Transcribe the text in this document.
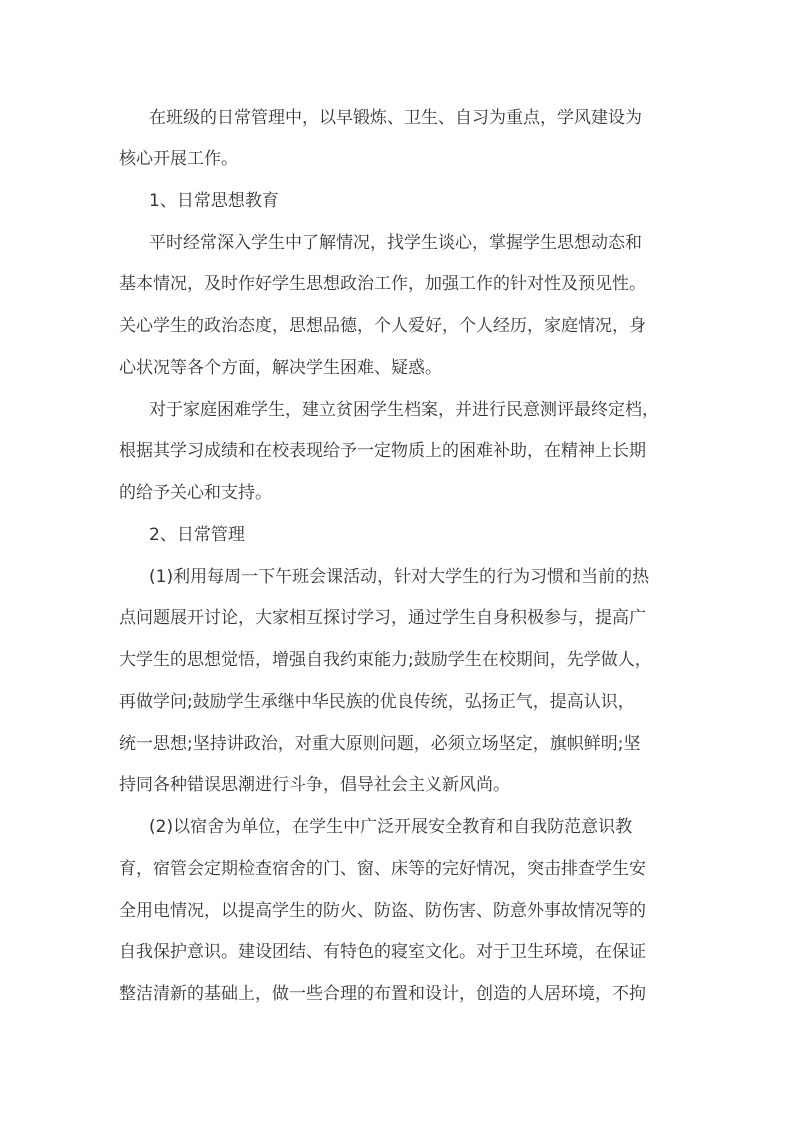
在班级的日常管理中，以早锻炼、卫生、自习为重点，学风建设为
核心开展工作。
1、日常思想教育
平时经常深入学生中了解情况，找学生谈心，掌握学生思想动态和
基本情况，及时作好学生思想政治工作，加强工作的针对性及预见性。
关心学生的政治态度，思想品德，个人爱好，个人经历，家庭情况，身
心状况等各个方面，解决学生困难、疑惑。
对于家庭困难学生，建立贫困学生档案，并进行民意测评最终定档，
根据其学习成绩和在校表现给予一定物质上的困难补助，在精神上长期
的给予关心和支持。
2、日常管理
(1)利用每周一下午班会课活动，针对大学生的行为习惯和当前的热
点问题展开讨论，大家相互探讨学习，通过学生自身积极参与，提高广
大学生的思想觉悟，增强自我约束能力;鼓励学生在校期间，先学做人，
再做学问;鼓励学生承继中华民族的优良传统，弘扬正气，提高认识，
统一思想;坚持讲政治，对重大原则问题，必须立场坚定，旗帜鲜明;坚
持同各种错误思潮进行斗争，倡导社会主义新风尚。
(2)以宿舍为单位，在学生中广泛开展安全教育和自我防范意识教
育，宿管会定期检查宿舍的门、窗、床等的完好情况，突击排查学生安
全用电情况，以提高学生的防火、防盗、防伤害、防意外事故情况等的
自我保护意识。建设团结、有特色的寝室文化。对于卫生环境，在保证
整洁清新的基础上，做一些合理的布置和设计，创造的人居环境，不拘
